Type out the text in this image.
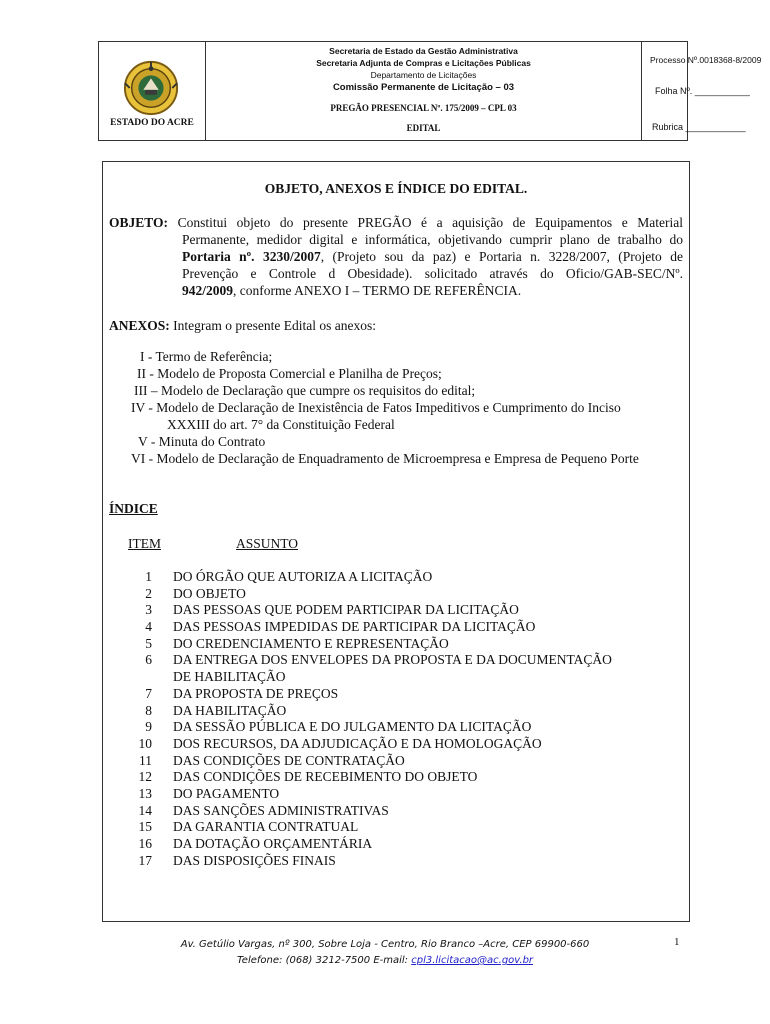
ESTADO DO ACRE
Secretaria de Estado da Gestão Administrativa
Secretaria Adjunta de Compras e Licitações Públicas
Departamento de Licitações
Comissão Permanente de Licitação – 03
PREGÃO PRESENCIAL Nº. 175/2009 – CPL 03
EDITAL
Processo Nº.0018368-8/2009
Folha Nº. ___________
Rubrica ____________
OBJETO, ANEXOS E ÍNDICE DO EDITAL.

OBJETO: Constitui objeto do presente PREGÃO é a aquisição de Equipamentos e Material

Permanente, medidor digital e informática, objetivando cumprir plano de trabalho do
Portaria nº. 3230/2007, (Projeto sou da paz) e Portaria n. 3228/2007, (Projeto de
Prevenção e Controle d Obesidade). solicitado através do Oficio/GAB-SEC/Nº.
942/2009, conforme ANEXO I – TERMO DE REFERÊNCIA.
ANEXOS: Integram o presente Edital os anexos:
I - Termo de Referência;
II - Modelo de Proposta Comercial e Planilha de Preços;
III – Modelo de Declaração que cumpre os requisitos do edital;
IV - Modelo de Declaração de Inexistência de Fatos Impeditivos e Cumprimento do Inciso
XXXIII do art. 7° da Constituição Federal
V - Minuta do Contrato
VI - Modelo de Declaração de Enquadramento de Microempresa e Empresa de Pequeno Porte
ÍNDICE
ITEM	ASSUNTO
1 DO ÓRGÃO QUE AUTORIZA A LICITAÇÃO
2 DO OBJETO
3 DAS PESSOAS QUE PODEM PARTICIPAR DA LICITAÇÃO
4 DAS PESSOAS IMPEDIDAS DE PARTICIPAR DA LICITAÇÃO
5 DO CREDENCIAMENTO E REPRESENTAÇÃO
6 DA ENTREGA DOS ENVELOPES DA PROPOSTA E DA DOCUMENTAÇÃO
DE HABILITAÇÃO
7 DA PROPOSTA DE PREÇOS
8 DA HABILITAÇÃO
9 DA SESSÃO PÚBLICA E DO JULGAMENTO DA LICITAÇÃO
10 DOS RECURSOS, DA ADJUDICAÇÃO E DA HOMOLOGAÇÃO
11 DAS CONDIÇÕES DE CONTRATAÇÃO
12 DAS CONDIÇÕES DE RECEBIMENTO DO OBJETO
13 DO PAGAMENTO
14 DAS SANÇÕES ADMINISTRATIVAS
15 DA GARANTIA CONTRATUAL
16 DA DOTAÇÃO ORÇAMENTÁRIA
17 DAS DISPOSIÇÕES FINAIS
Av. Getúlio Vargas, nº 300, Sobre Loja - Centro, Rio Branco –Acre, CEP 69900-660
Telefone: (068) 3212-7500 E-mail: cpl3.licitacao@ac.gov.br
1
